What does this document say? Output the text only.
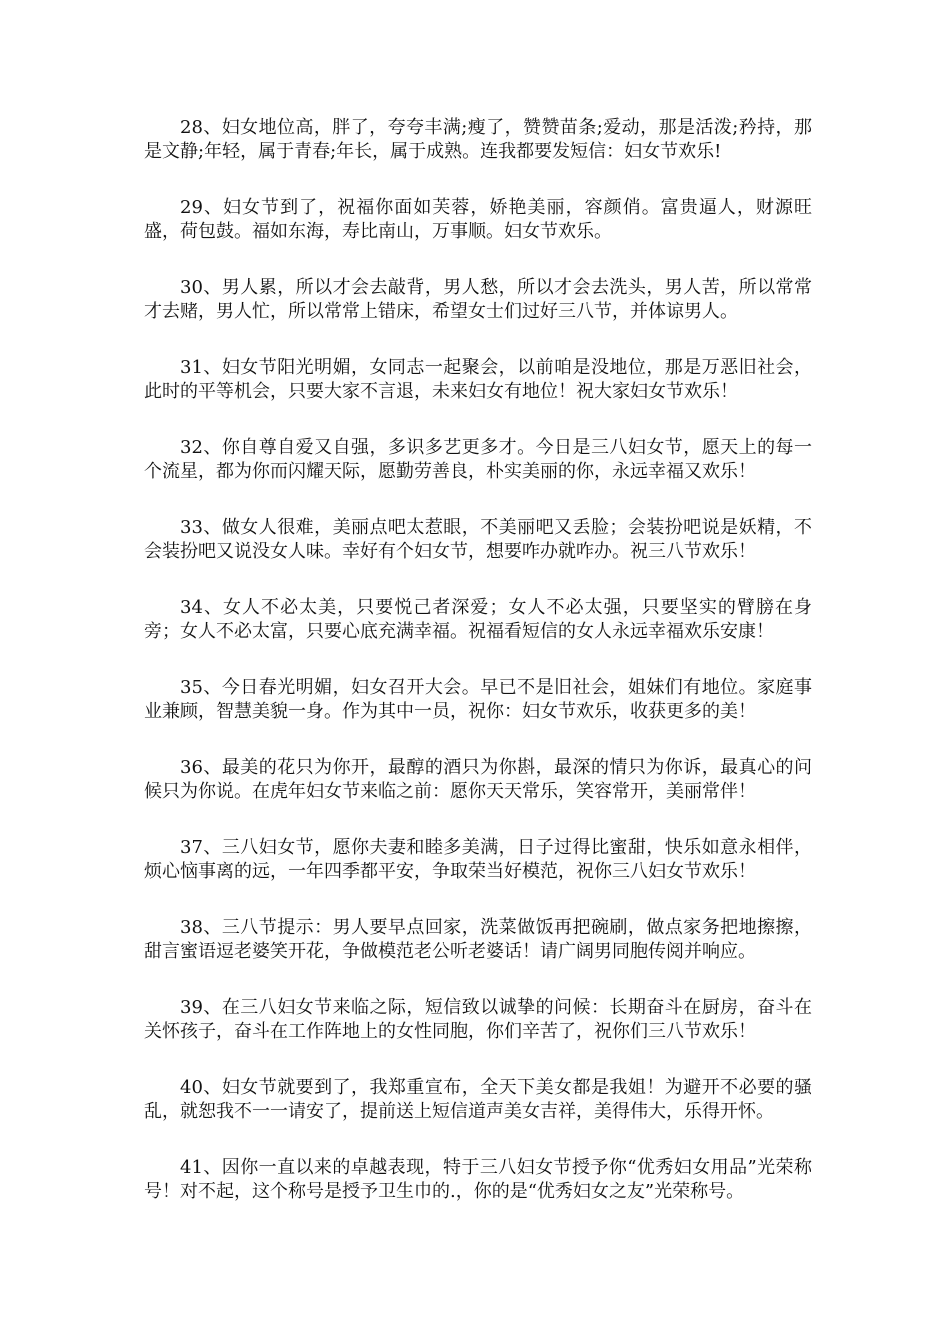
28、妇女地位高，胖了，夸夸丰满;瘦了，赞赞苗条;爱动，那是活泼;矜持，那是文静;年轻，属于青春;年长，属于成熟。连我都要发短信：妇女节欢乐!

29、妇女节到了，祝福你面如芙蓉，娇艳美丽，容颜俏。富贵逼人，财源旺盛，荷包鼓。福如东海，寿比南山，万事顺。妇女节欢乐。

30、男人累，所以才会去敲背，男人愁，所以才会去洗头，男人苦，所以常常才去赌，男人忙，所以常常上错床，希望女士们过好三八节，并体谅男人。

31、妇女节阳光明媚，女同志一起聚会，以前咱是没地位，那是万恶旧社会，此时的平等机会，只要大家不言退，未来妇女有地位！祝大家妇女节欢乐！

32、你自尊自爱又自强，多识多艺更多才。今日是三八妇女节，愿天上的每一个流星，都为你而闪耀天际，愿勤劳善良，朴实美丽的你，永远幸福又欢乐！

33、做女人很难，美丽点吧太惹眼，不美丽吧又丢脸；会装扮吧说是妖精，不会装扮吧又说没女人味。幸好有个妇女节，想要咋办就咋办。祝三八节欢乐！

34、女人不必太美，只要悦己者深爱；女人不必太强，只要坚实的臂膀在身旁；女人不必太富，只要心底充满幸福。祝福看短信的女人永远幸福欢乐安康！

35、今日春光明媚，妇女召开大会。早已不是旧社会，姐妹们有地位。家庭事业兼顾，智慧美貌一身。作为其中一员，祝你：妇女节欢乐，收获更多的美！

36、最美的花只为你开，最醇的酒只为你斟，最深的情只为你诉，最真心的问候只为你说。在虎年妇女节来临之前：愿你天天常乐，笑容常开，美丽常伴！

37、三八妇女节，愿你夫妻和睦多美满，日子过得比蜜甜，快乐如意永相伴，烦心恼事离的远，一年四季都平安，争取荣当好模范，祝你三八妇女节欢乐！

38、三八节提示：男人要早点回家，洗菜做饭再把碗刷，做点家务把地擦擦，甜言蜜语逗老婆笑开花，争做模范老公听老婆话！请广阔男同胞传阅并响应。

39、在三八妇女节来临之际，短信致以诚挚的问候：长期奋斗在厨房，奋斗在关怀孩子，奋斗在工作阵地上的女性同胞，你们辛苦了，祝你们三八节欢乐！

40、妇女节就要到了，我郑重宣布，全天下美女都是我姐！为避开不必要的骚乱，就恕我不一一请安了，提前送上短信道声美女吉祥，美得伟大，乐得开怀。

41、因你一直以来的卓越表现，特于三八妇女节授予你“优秀妇女用品”光荣称号！对不起，这个称号是授予卫生巾的.，你的是“优秀妇女之友”光荣称号。
